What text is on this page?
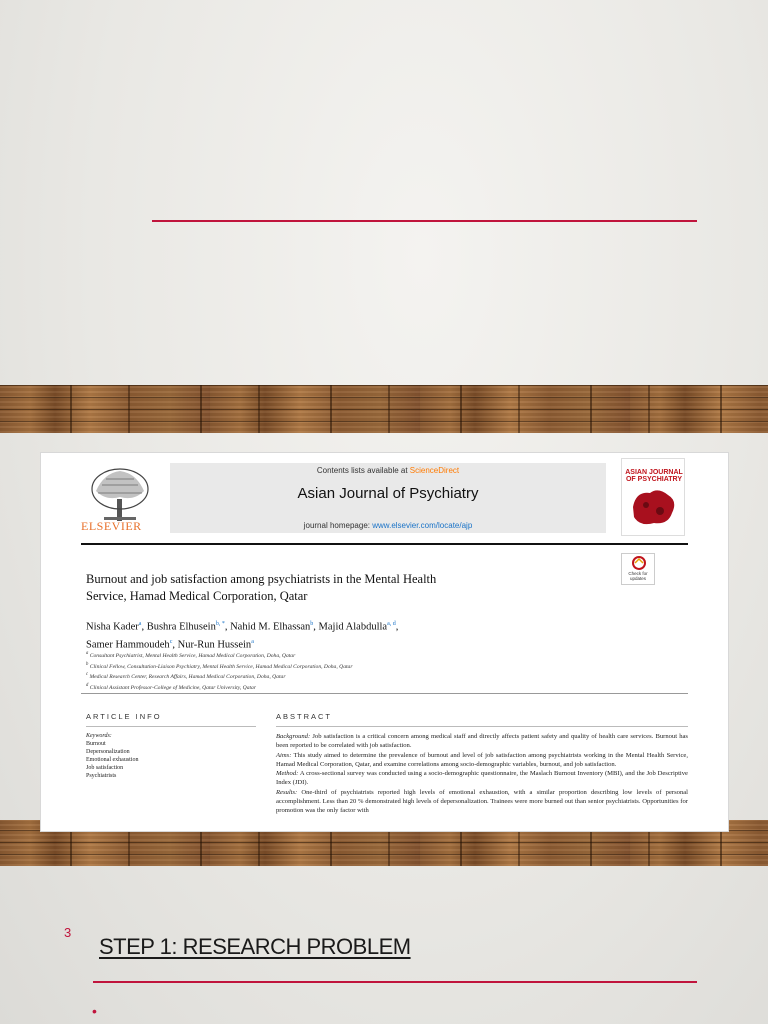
ELSEVIER
Contents lists available at ScienceDirect
Asian Journal of Psychiatry
journal homepage: www.elsevier.com/locate/ajp
ASIAN JOURNAL OF PSYCHIATRY
Check for updates
Burnout and job satisfaction among psychiatrists in the Mental Health
Service, Hamad Medical Corporation, Qatar
Nisha Kader$^a$, Bushra Elhusein$^{b, *}$, Nahid M. Elhassan$^b$, Majid Alabdulla$^{a, d}$,
Samer Hammoudeh$^c$, Nur-Run Hussein$^a$
$^a$ Consultant Psychiatrist, Mental Health Service, Hamad Medical Corporation, Doha, Qatar
$^b$ Clinical Fellow, Consultation-Liaison Psychiatry, Mental Health Service, Hamad Medical Corporation, Doha, Qatar
$^c$ Medical Research Center, Research Affairs, Hamad Medical Corporation, Doha, Qatar
$^d$ Clinical Assistant Professor-College of Medicine, Qatar University, Qatar
ARTICLE INFO	ABSTRACT
Keywords:
Burnout
Depersonalization
Emotional exhaustion
Job satisfaction
Psychiatrists
Background: Job satisfaction is a critical concern among medical staff and directly affects patient safety and quality of health care services. Burnout has been reported to be correlated with job satisfaction.
Aims: This study aimed to determine the prevalence of burnout and level of job satisfaction among psychiatrists working in the Mental Health Service, Hamad Medical Corporation, Qatar, and examine correlations among socio-demographic variables, burnout, and job satisfaction.
Method: A cross-sectional survey was conducted using a socio-demographic questionnaire, the Maslach Burnout Inventory (MBI), and the Job Descriptive Index (JDI).
Results: One-third of psychiatrists reported high levels of emotional exhaustion, with a similar proportion describing low levels of personal accomplishment. Less than 20 % demonstrated high levels of depersonalization. Trainees were more burned out than senior psychiatrists. Opportunities for promotion was the only factor with
3
STEP 1: RESEARCH PROBLEM
•
